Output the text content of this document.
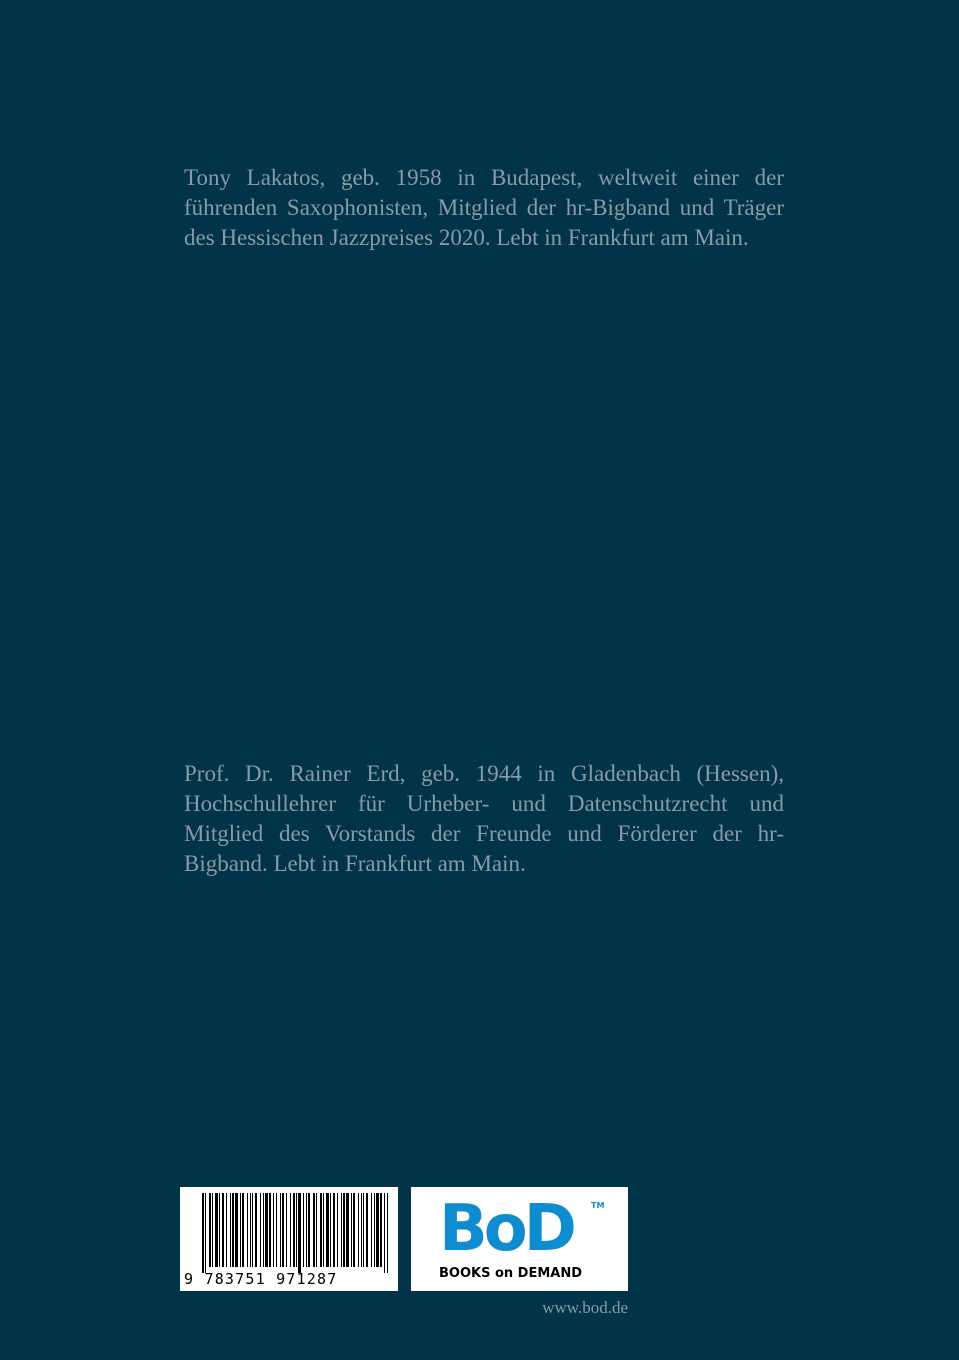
Tony Lakatos, geb. 1958 in Budapest, weltweit einer der führenden Saxophonisten, Mitglied der hr-Bigband und Träger des Hessischen Jazzpreises 2020. Lebt in Frankfurt am Main.

Prof. Dr. Rainer Erd, geb. 1944 in Gladenbach (Hessen), Hochschullehrer für Urheber- und Datenschutzrecht und Mitglied des Vorstands der Freunde und Förderer der hr-Bigband. Lebt in Frankfurt am Main.

9 783751 971287
BoD TM
BOOKS on DEMAND
www.bod.de
